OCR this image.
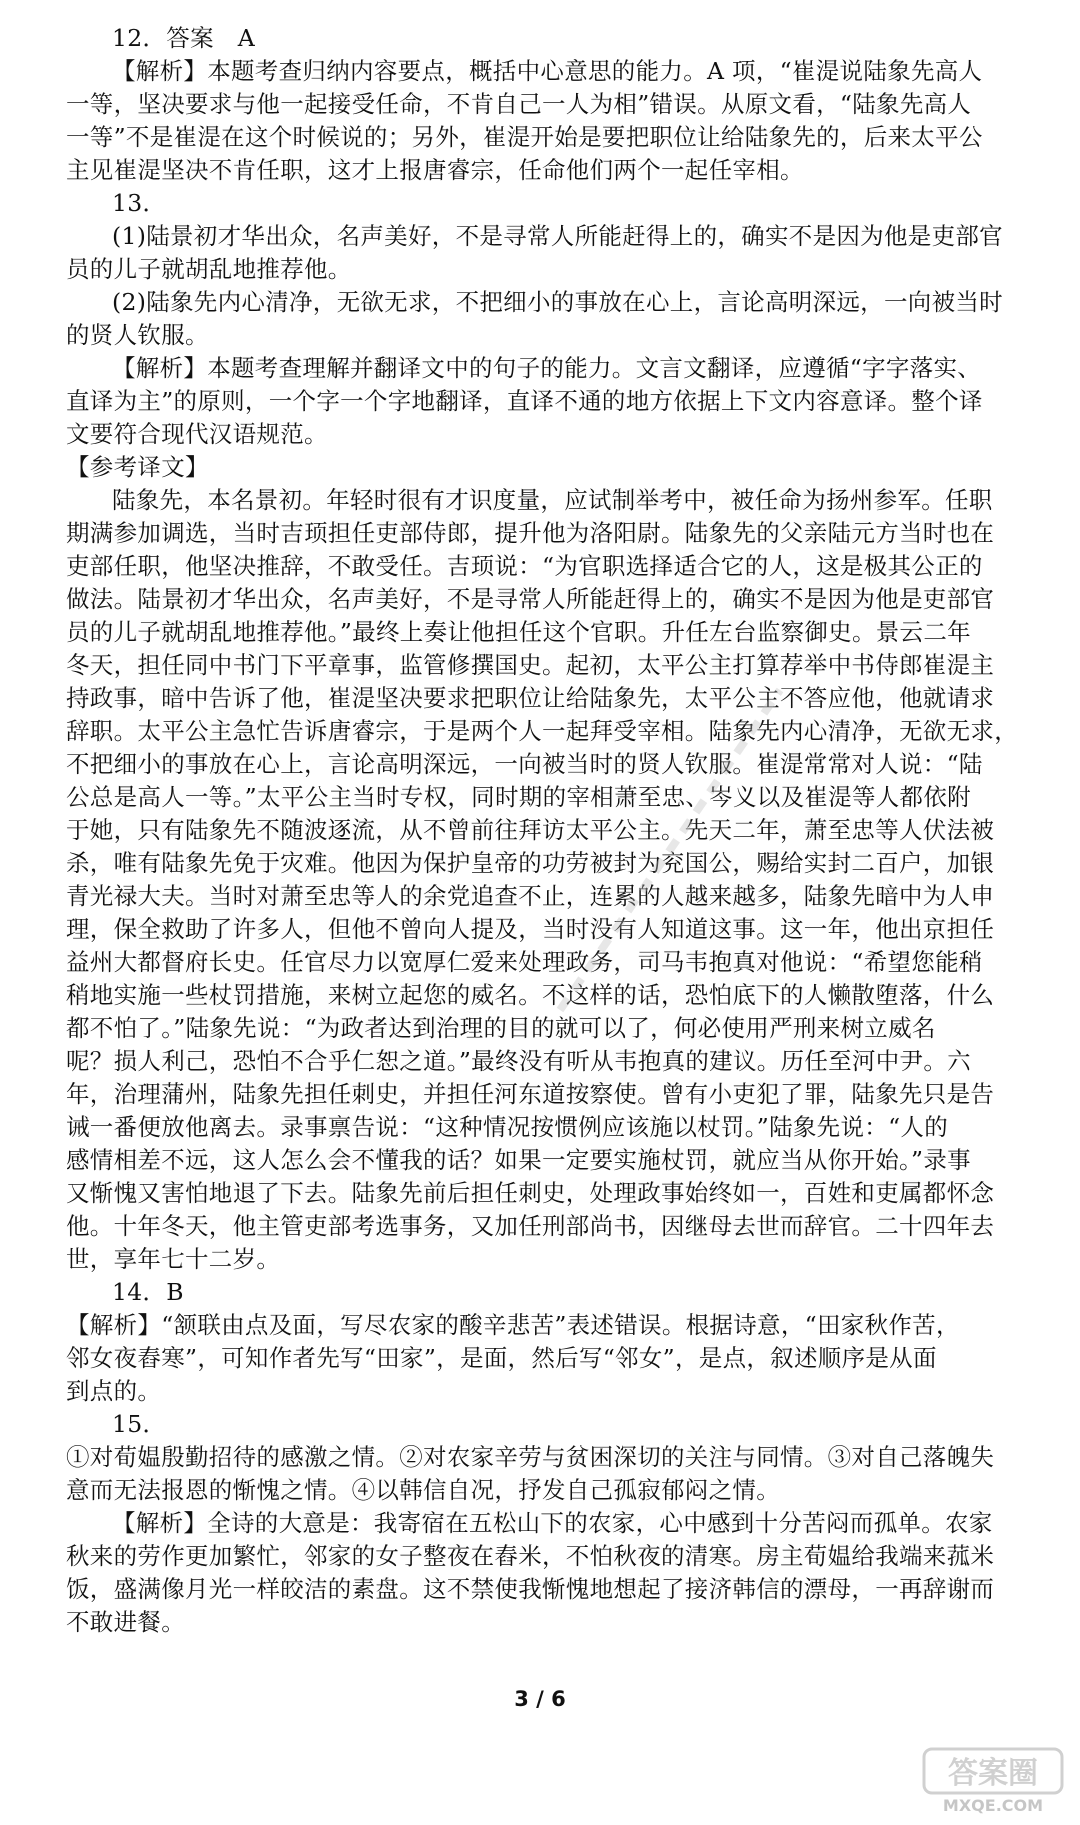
12．答案　A
【解析】本题考查归纳内容要点，概括中心意思的能力。A 项，“崔湜说陆象先高人
一等，坚决要求与他一起接受任命，不肯自己一人为相”错误。从原文看，“陆象先高人
一等”不是崔湜在这个时候说的；另外，崔湜开始是要把职位让给陆象先的，后来太平公
主见崔湜坚决不肯任职，这才上报唐睿宗，任命他们两个一起任宰相。
13．
(1)陆景初才华出众，名声美好，不是寻常人所能赶得上的，确实不是因为他是吏部官
员的儿子就胡乱地推荐他。
(2)陆象先内心清净，无欲无求，不把细小的事放在心上，言论高明深远，一向被当时
的贤人钦服。
【解析】本题考查理解并翻译文中的句子的能力。文言文翻译，应遵循“字字落实、
直译为主”的原则，一个字一个字地翻译，直译不通的地方依据上下文内容意译。整个译
文要符合现代汉语规范。
【参考译文】
陆象先，本名景初。年轻时很有才识度量，应试制举考中，被任命为扬州参军。任职
期满参加调选，当时吉顼担任吏部侍郎，提升他为洛阳尉。陆象先的父亲陆元方当时也在
吏部任职，他坚决推辞，不敢受任。吉顼说：“为官职选择适合它的人，这是极其公正的
做法。陆景初才华出众，名声美好，不是寻常人所能赶得上的，确实不是因为他是吏部官
员的儿子就胡乱地推荐他。”最终上奏让他担任这个官职。升任左台监察御史。景云二年
冬天，担任同中书门下平章事，监管修撰国史。起初，太平公主打算荐举中书侍郎崔湜主
持政事，暗中告诉了他，崔湜坚决要求把职位让给陆象先，太平公主不答应他，他就请求
辞职。太平公主急忙告诉唐睿宗，于是两个人一起拜受宰相。陆象先内心清净，无欲无求，
不把细小的事放在心上，言论高明深远，一向被当时的贤人钦服。崔湜常常对人说：“陆
公总是高人一等。”太平公主当时专权，同时期的宰相萧至忠、岑义以及崔湜等人都依附
于她，只有陆象先不随波逐流，从不曾前往拜访太平公主。先天二年，萧至忠等人伏法被
杀，唯有陆象先免于灾难。他因为保护皇帝的功劳被封为兖国公，赐给实封二百户，加银
青光禄大夫。当时对萧至忠等人的余党追查不止，连累的人越来越多，陆象先暗中为人申
理，保全救助了许多人，但他不曾向人提及，当时没有人知道这事。这一年，他出京担任
益州大都督府长史。任官尽力以宽厚仁爱来处理政务，司马韦抱真对他说：“希望您能稍
稍地实施一些杖罚措施，来树立起您的威名。不这样的话，恐怕底下的人懒散堕落，什么
都不怕了。”陆象先说：“为政者达到治理的目的就可以了，何必使用严刑来树立威名
呢？损人利己，恐怕不合乎仁恕之道。”最终没有听从韦抱真的建议。历任至河中尹。六
年，治理蒲州，陆象先担任刺史，并担任河东道按察使。曾有小吏犯了罪，陆象先只是告
诫一番便放他离去。录事禀告说：“这种情况按惯例应该施以杖罚。”陆象先说：“人的
感情相差不远，这人怎么会不懂我的话？如果一定要实施杖罚，就应当从你开始。”录事
又惭愧又害怕地退了下去。陆象先前后担任刺史，处理政事始终如一，百姓和吏属都怀念
他。十年冬天，他主管吏部考选事务，又加任刑部尚书，因继母去世而辞官。二十四年去
世，享年七十二岁。
14．B
【解析】“颔联由点及面，写尽农家的酸辛悲苦”表述错误。根据诗意，“田家秋作苦，
邻女夜舂寒”，可知作者先写“田家”，是面，然后写“邻女”，是点，叙述顺序是从面
到点的。
15．
①对荀媪殷勤招待的感激之情。②对农家辛劳与贫困深切的关注与同情。③对自己落魄失
意而无法报恩的惭愧之情。④以韩信自况，抒发自己孤寂郁闷之情。
【解析】全诗的大意是：我寄宿在五松山下的农家，心中感到十分苦闷而孤单。农家
秋来的劳作更加繁忙，邻家的女子整夜在舂米，不怕秋夜的清寒。房主荀媪给我端来菰米
饭，盛满像月光一样皎洁的素盘。这不禁使我惭愧地想起了接济韩信的漂母，一再辞谢而
不敢进餐。
3 / 6
答案圈
MXQE.COM
